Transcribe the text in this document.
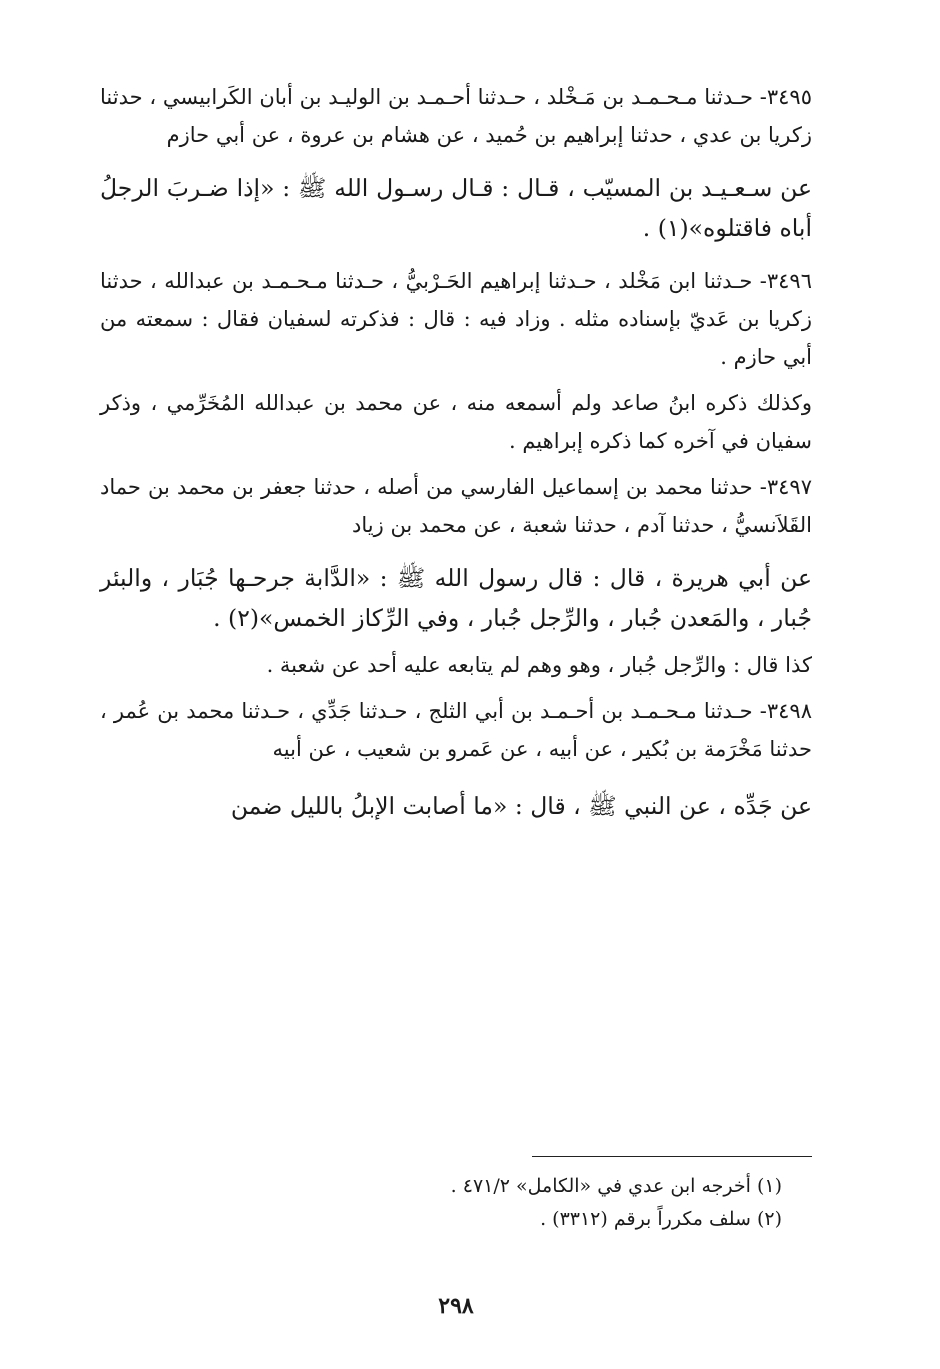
٣٤٩٥- حـدثنا مـحـمـد بن مَـخْلد ، حـدثنا أحـمـد بن الوليـد بن أبان الكَرابيسي ، حدثنا زكريا بن عدي ، حدثنا إبراهيم بن حُميد ، عن هشام بن عروة ، عن أبي حازم

عن سـعـيـد بن المسيّب ، قـال : قـال رسـول الله ﷺ : «إذا ضـربَ الرجلُ أباه فاقتلوه»(١) .

٣٤٩٦- حـدثنا ابن مَخْلد ، حـدثنا إبراهيم الحَـرْبيُّ ، حـدثنا مـحـمـد بن عبدالله ، حدثنا زكريا بن عَديّ بإسناده مثله . وزاد فيه : قال : فذكرته لسفيان فقال : سمعته من أبي حازم .

وكذلك ذكره ابنُ صاعد ولم أسمعه منه ، عن محمد بن عبدالله المُخَرِّمي ، وذكر سفيان في آخره كما ذكره إبراهيم .

٣٤٩٧- حدثنا محمد بن إسماعيل الفارسي من أصله ، حدثنا جعفر بن محمد بن حماد القَلاَنسيُّ ، حدثنا آدم ، حدثنا شعبة ، عن محمد بن زياد

عن أبي هريرة ، قال : قال رسول الله ﷺ : «الدَّابة جرحـها جُبَار ، والبئر جُبار ، والمَعدن جُبار ، والرِّجل جُبار ، وفي الرِّكاز الخمس»(٢) .

كذا قال : والرِّجل جُبار ، وهو وهم لم يتابعه عليه أحد عن شعبة .

٣٤٩٨- حـدثنا مـحـمـد بن أحـمـد بن أبي الثلج ، حـدثنا جَدِّي ، حـدثنا محمد بن عُمر ، حدثنا مَخْرَمة بن بُكير ، عن أبيه ، عن عَمرو بن شعيب ، عن أبيه

عن جَدِّه ، عن النبي ﷺ ، قال : «ما أصابت الإبلُ بالليل ضمن

(١) أخرجه ابن عدي في «الكامل» ٤٧١/٢ .

(٢) سلف مكرراً برقم (٣٣١٢) .

٢٩٨
